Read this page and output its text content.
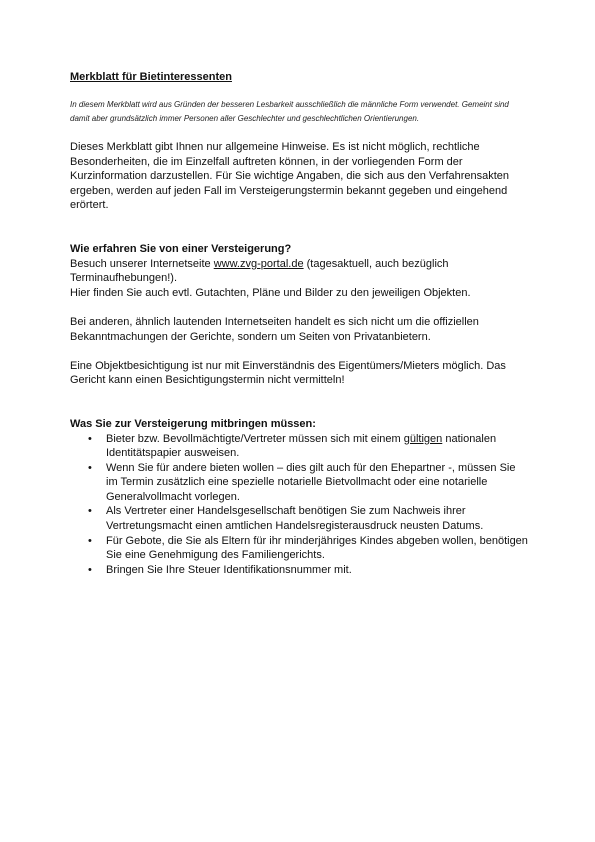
Merkblatt für Bietinteressenten
In diesem Merkblatt wird aus Gründen der besseren Lesbarkeit ausschließlich die männliche Form verwendet. Gemeint sind damit aber grundsätzlich immer Personen aller Geschlechter und geschlechtlichen Orientierungen.

Dieses Merkblatt gibt Ihnen nur allgemeine Hinweise. Es ist nicht möglich, rechtliche Besonderheiten, die im Einzelfall auftreten können, in der vorliegenden Form der Kurzinformation darzustellen. Für Sie wichtige Angaben, die sich aus den Verfahrensakten ergeben, werden auf jeden Fall im Versteigerungstermin bekannt gegeben und eingehend erörtert.

Wie erfahren Sie von einer Versteigerung?

Besuch unserer Internetseite www.zvg-portal.de (tagesaktuell, auch bezüglich Terminaufhebungen!).
Hier finden Sie auch evtl. Gutachten, Pläne und Bilder zu den jeweiligen Objekten.

Bei anderen, ähnlich lautenden Internetseiten handelt es sich nicht um die offiziellen Bekanntmachungen der Gerichte, sondern um Seiten von Privatanbietern.

Eine Objektbesichtigung ist nur mit Einverständnis des Eigentümers/Mieters möglich. Das Gericht kann einen Besichtigungstermin nicht vermitteln!

Was Sie zur Versteigerung mitbringen müssen:

• Bieter bzw. Bevollmächtigte/Vertreter müssen sich mit einem gültigen nationalen Identitätspapier ausweisen.
• Wenn Sie für andere bieten wollen – dies gilt auch für den Ehepartner -, müssen Sie im Termin zusätzlich eine spezielle notarielle Bietvollmacht oder eine notarielle Generalvollmacht vorlegen.
• Als Vertreter einer Handelsgesellschaft benötigen Sie zum Nachweis ihrer Vertretungsmacht einen amtlichen Handelsregisterausdruck neusten Datums.
• Für Gebote, die Sie als Eltern für ihr minderjähriges Kindes abgeben wollen, benötigen Sie eine Genehmigung des Familiengerichts.
• Bringen Sie Ihre Steuer Identifikationsnummer mit.
